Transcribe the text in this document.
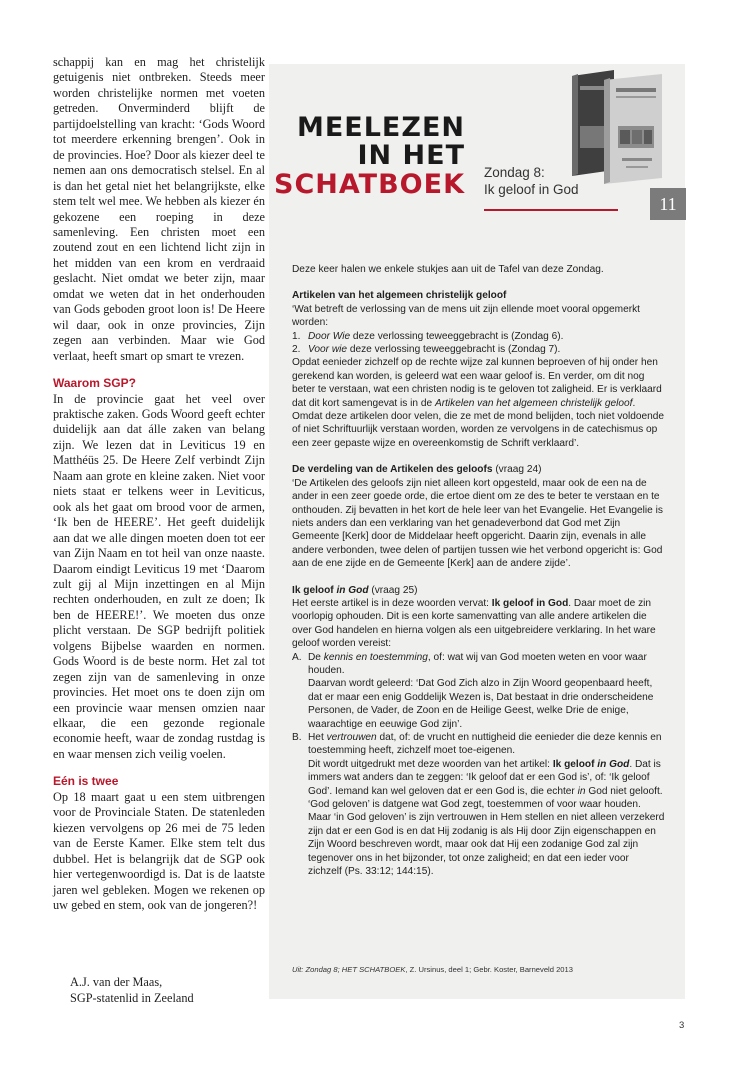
schappij kan en mag het christelijk getuigenis niet ontbreken. Steeds meer worden christelijke normen met voeten getreden. Onverminderd blijft de partijdoelstelling van kracht: ‘Gods Woord tot meerdere erkenning brengen’. Ook in de provincies. Hoe? Door als kiezer deel te nemen aan ons democratisch stelsel. En al is dan het getal niet het belangrijkste, elke stem telt wel mee. We hebben als kiezer én gekozene een roeping in deze samenleving. Een christen moet een zoutend zout en een lichtend licht zijn in het midden van een krom en verdraaid geslacht. Niet omdat we beter zijn, maar omdat we weten dat in het onderhouden van Gods geboden groot loon is! De Heere wil daar, ook in onze provincies, Zijn zegen aan verbinden. Maar wie God verlaat, heeft smart op smart te vrezen.

Waarom SGP?

In de provincie gaat het veel over praktische zaken. Gods Woord geeft echter duidelijk aan dat álle zaken van belang zijn. We lezen dat in Leviticus 19 en Matthéüs 25. De Heere Zelf verbindt Zijn Naam aan grote en kleine zaken. Niet voor niets staat er telkens weer in Leviticus, ook als het gaat om brood voor de armen, ‘Ik ben de HEERE’. Het geeft duidelijk aan dat we alle dingen moeten doen tot eer van Zijn Naam en tot heil van onze naaste. Daarom eindigt Leviticus 19 met ‘Daarom zult gij al Mijn inzettingen en al Mijn rechten onderhouden, en zult ze doen; Ik ben de HEERE!’. We moeten dus onze plicht verstaan. De SGP bedrijft politiek volgens Bijbelse waarden en normen. Gods Woord is de beste norm. Het zal tot zegen zijn van de samenleving in onze provincies. Het moet ons te doen zijn om een provincie waar mensen omzien naar elkaar, die een gezonde regionale economie heeft, waar de zondag rustdag is en waar mensen zich veilig voelen.

Eén is twee

Op 18 maart gaat u een stem uitbrengen voor de Provinciale Staten. De statenleden kiezen vervolgens op 26 mei de 75 leden van de Eerste Kamer. Elke stem telt dus dubbel. Het is belangrijk dat de SGP ook hier vertegenwoordigd is. Dat is de laatste jaren wel gebleken. Mogen we rekenen op uw gebed en stem, ook van de jongeren?!

A.J. van der Maas,
SGP-statenlid in Zeeland
MEELEZEN
IN HET
SCHATBOEK Zondag 8:
Ik geloof in God
11

Deze keer halen we enkele stukjes aan uit de Tafel van deze Zondag.

Artikelen van het algemeen christelijk geloof

‘Wat betreft de verlossing van de mens uit zijn ellende moet vooral opgemerkt worden:

1. Door Wie deze verlossing teweeggebracht is (Zondag 6).
2. Voor wie deze verlossing teweeggebracht is (Zondag 7).

Opdat eenieder zichzelf op de rechte wijze zal kunnen beproeven of hij onder hen gerekend kan worden, is geleerd wat een waar geloof is. En verder, om dit nog beter te verstaan, wat een christen nodig is te geloven tot zaligheid. Er is verklaard dat dit kort samengevat is in de Artikelen van het algemeen christelijk geloof. Omdat deze artikelen door velen, die ze met de mond belijden, toch niet voldoende of niet Schriftuurlijk verstaan worden, worden ze vervolgens in de catechismus op een zeer gepaste wijze en overeenkomstig de Schrift verklaard’.

De verdeling van de Artikelen des geloofs (vraag 24)

‘De Artikelen des geloofs zijn niet alleen kort opgesteld, maar ook de een na de ander in een zeer goede orde, die ertoe dient om ze des te beter te verstaan en te onthouden. Zij bevatten in het kort de hele leer van het Evangelie. Het Evangelie is niets anders dan een verklaring van het genadeverbond dat God met Zijn Gemeente [Kerk] door de Middelaar heeft opgericht. Daarin zijn, evenals in alle andere verbonden, twee delen of partijen tussen wie het verbond opgericht is: God aan de ene zijde en de Gemeente [Kerk] aan de andere zijde’.

Ik geloof in God (vraag 25)

Het eerste artikel is in deze woorden vervat: Ik geloof in God. Daar moet de zin voorlopig ophouden. Dit is een korte samenvatting van alle andere artikelen die over God handelen en hierna volgen als een uitgebreidere verklaring. In het ware geloof worden vereist:

A. De kennis en toestemming, of: wat wij van God moeten weten en voor waar houden.

Daarvan wordt geleerd: ‘Dat God Zich alzo in Zijn Woord geopenbaard heeft, dat er maar een enig Goddelijk Wezen is, Dat bestaat in drie onderscheidene Personen, de Vader, de Zoon en de Heilige Geest, welke Drie de enige, waarachtige en eeuwige God zijn’.

B. Het vertrouwen dat, of: de vrucht en nuttigheid die eenieder die deze kennis en toestemming heeft, zichzelf moet toe-eigenen.

Dit wordt uitgedrukt met deze woorden van het artikel: Ik geloof in God. Dat is immers wat anders dan te zeggen: ‘Ik geloof dat er een God is’, of: ‘Ik geloof God’. Iemand kan wel geloven dat er een God is, die echter in God niet gelooft. ‘God geloven’ is datgene wat God zegt, toestemmen of voor waar houden. Maar ‘in God geloven’ is zijn vertrouwen in Hem stellen en niet alleen verzekerd zijn dat er een God is en dat Hij zodanig is als Hij door Zijn eigenschappen en Zijn Woord beschreven wordt, maar ook dat Hij een zodanige God zal zijn tegenover ons in het bijzonder, tot onze zaligheid; en dat een ieder voor zichzelf (Ps. 33:12; 144:15).

Uit: Zondag 8; HET SCHATBOEK, Z. Ursinus, deel 1; Gebr. Koster, Barneveld 2013
3
